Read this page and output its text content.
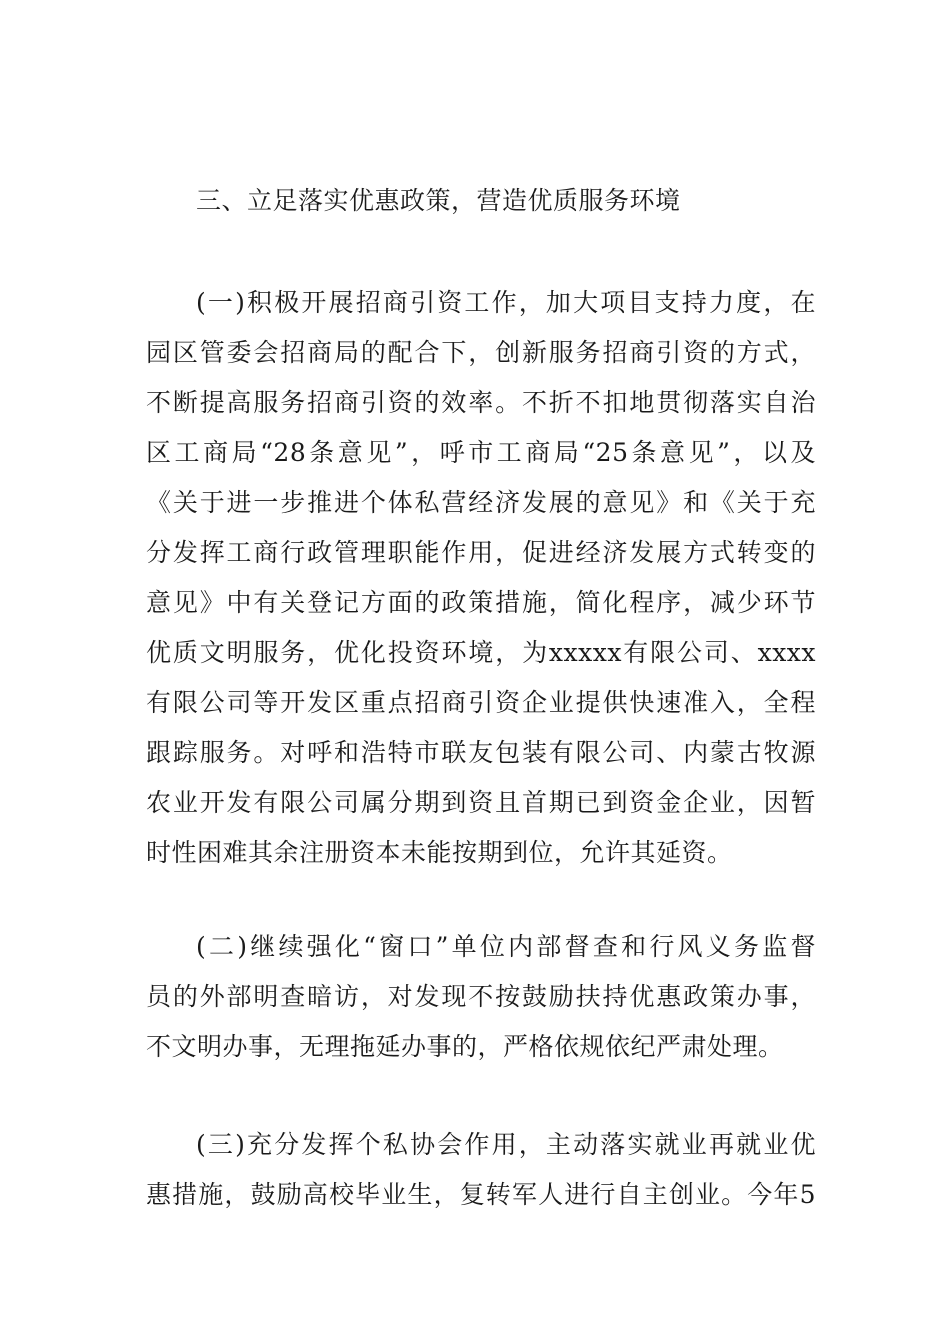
三、立足落实优惠政策，营造优质服务环境
(一)积极开展招商引资工作，加大项目支持力度，在
园区管委会招商局的配合下，创新服务招商引资的方式，
不断提高服务招商引资的效率。不折不扣地贯彻落实自治
区工商局“28条意见”，呼市工商局“25条意见”，以及
《关于进一步推进个体私营经济发展的意见》和《关于充
分发挥工商行政管理职能作用，促进经济发展方式转变的
意见》中有关登记方面的政策措施，简化程序，减少环节
优质文明服务，优化投资环境，为xxxxx有限公司、xxxx
有限公司等开发区重点招商引资企业提供快速准入，全程
跟踪服务。对呼和浩特市联友包装有限公司、内蒙古牧源
农业开发有限公司属分期到资且首期已到资金企业，因暂
时性困难其余注册资本未能按期到位，允许其延资。
(二)继续强化“窗口”单位内部督查和行风义务监督
员的外部明查暗访，对发现不按鼓励扶持优惠政策办事，
不文明办事，无理拖延办事的，严格依规依纪严肃处理。
(三)充分发挥个私协会作用，主动落实就业再就业优
惠措施，鼓励高校毕业生，复转军人进行自主创业。今年5
